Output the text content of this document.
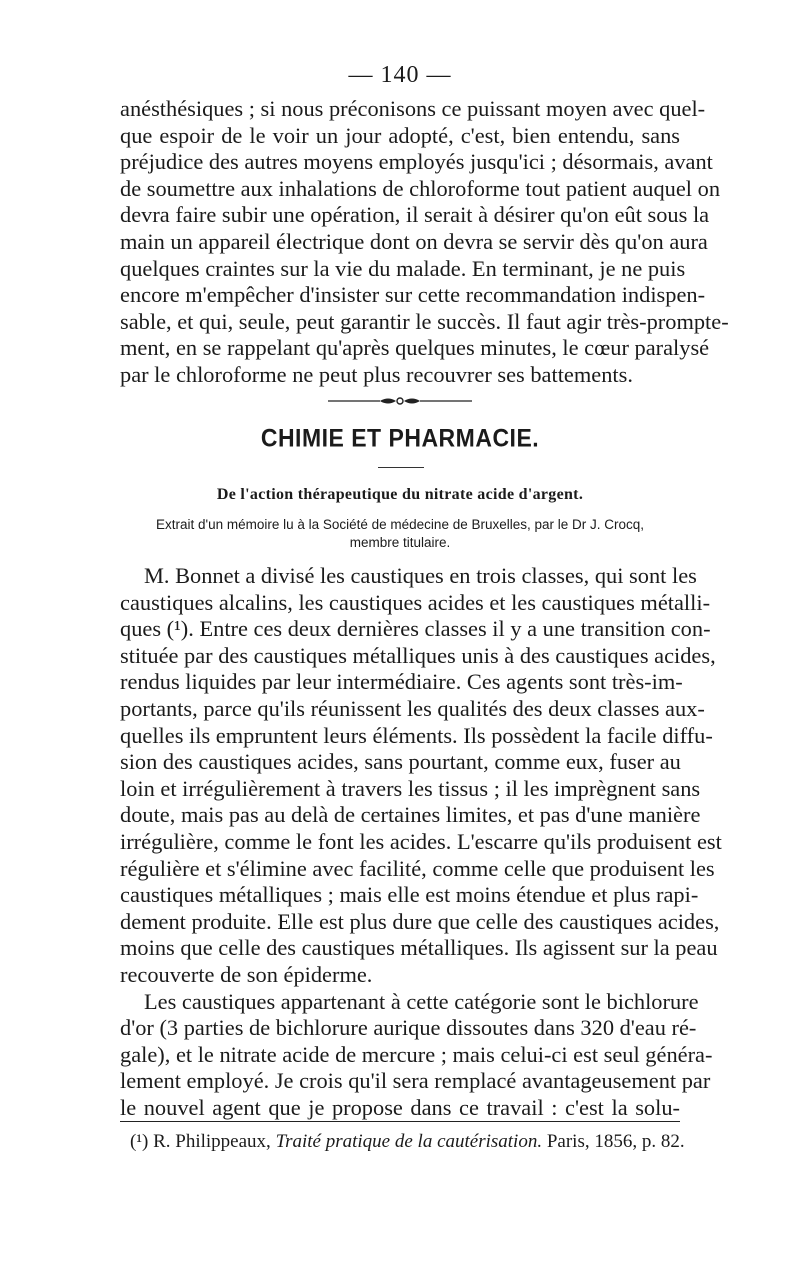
— 140 —
anésthésiques ; si nous préconisons ce puissant moyen avec quel-
que espoir de le voir un jour adopté, c'est, bien entendu, sans
préjudice des autres moyens employés jusqu'ici ; désormais, avant
de soumettre aux inhalations de chloroforme tout patient auquel on
devra faire subir une opération, il serait à désirer qu'on eût sous la
main un appareil électrique dont on devra se servir dès qu'on aura
quelques craintes sur la vie du malade. En terminant, je ne puis
encore m'empêcher d'insister sur cette recommandation indispen-
sable, et qui, seule, peut garantir le succès. Il faut agir très-prompte-
ment, en se rappelant qu'après quelques minutes, le cœur paralysé
par le chloroforme ne peut plus recouvrer ses battements.
CHIMIE ET PHARMACIE.
De l'action thérapeutique du nitrate acide d'argent.
Extrait d'un mémoire lu à la Société de médecine de Bruxelles, par le Dr J. Crocq,
membre titulaire.
M. Bonnet a divisé les caustiques en trois classes, qui sont les
caustiques alcalins, les caustiques acides et les caustiques métalli-
ques (¹). Entre ces deux dernières classes il y a une transition con-
stituée par des caustiques métalliques unis à des caustiques acides,
rendus liquides par leur intermédiaire. Ces agents sont très-im-
portants, parce qu'ils réunissent les qualités des deux classes aux-
quelles ils empruntent leurs éléments. Ils possèdent la facile diffu-
sion des caustiques acides, sans pourtant, comme eux, fuser au
loin et irrégulièrement à travers les tissus ; il les imprègnent sans
doute, mais pas au delà de certaines limites, et pas d'une manière
irrégulière, comme le font les acides. L'escarre qu'ils produisent est
régulière et s'élimine avec facilité, comme celle que produisent les
caustiques métalliques ; mais elle est moins étendue et plus rapi-
dement produite. Elle est plus dure que celle des caustiques acides,
moins que celle des caustiques métalliques. Ils agissent sur la peau
recouverte de son épiderme.
Les caustiques appartenant à cette catégorie sont le bichlorure
d'or (3 parties de bichlorure aurique dissoutes dans 320 d'eau ré-
gale), et le nitrate acide de mercure ; mais celui-ci est seul généra-
lement employé. Je crois qu'il sera remplacé avantageusement par
le nouvel agent que je propose dans ce travail : c'est la solu-
(¹) R. Philippeaux, Traité pratique de la cautérisation. Paris, 1856, p. 82.
